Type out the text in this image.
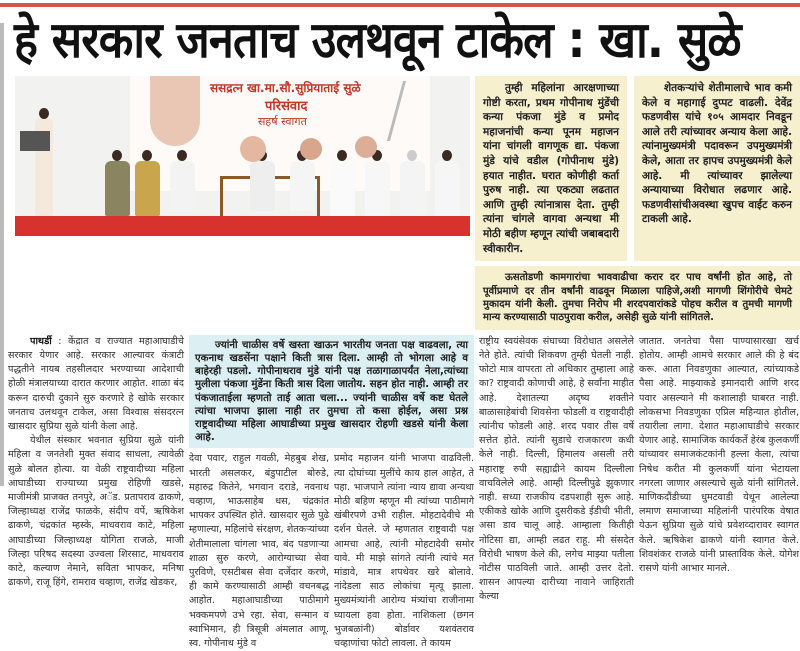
हे सरकार जनताच उलथवून टाकेल : खा. सुळे
ससद्रत्न खा.मा.सौ.सुप्रियाताई सुळे
परिसंवाद
सहर्ष स्वागत
तुम्ही महिलांना आरक्षणाच्या गोष्टी करता, प्रथम गोपीनाथ मुंडेंची कन्या पंकजा मुंडे व प्रमोद महाजनांची कन्या पूनम महाजन यांना चांगली वागणूक द्या. पंकजा मुंडे यांचे वडील (गोपीनाथ मुंडे) हयात नाहीत. घरात कोणीही कर्ता पुरुष नाही. त्या एकट्या लढतात आणि तुम्ही त्यांनात्रास देता. तुम्ही त्यांना चांगले वागवा अन्यथा मी मोठी बहीण म्हणून त्यांची जबाबदारी स्वीकारीन.
शेतकऱ्यांचे शेतीमालाचे भाव कमी केले व महागाई दुप्पट वाढली. देवेंद्र फडणवीस यांचे १०५ आमदार निवडून आले तरी त्यांच्यावर अन्याय केला आहे. त्यांनामुख्यमंत्री पदावरून उपमुख्यमंत्री केले, आता तर हापच उपमुख्यमंत्री केले आहे. मी त्यांच्यावर झालेल्या अन्यायाच्या विरोधात लढणार आहे. फडणवीसांचीअवस्था खुपच वाईट करुन टाकली आहे.
ऊसतोडणी कामगारांचा भाववाढीचा करार दर पाच वर्षांनी होत आहे, तो पूर्वीप्रमाणे दर तीन वर्षांनी वाढवून मिळाला पाहिजे,अशी मागणी शिंगोरीचे चेमटे मुकादम यांनी केली. तुमचा निरोप मी शरदपवारांकडे पोहच करील व तुमची मागणी मान्य करण्यासाठी पाठपुरावा करील, असेही सुळे यांनी सांगितले.

पाथर्डी : केंद्रात व राज्यात महाआघाडीचे सरकार येणार आहे. सरकार आल्यावर कंत्राटी पद्धतीने नायब तहसीलदार भरण्याच्या आदेशाची होळी मंत्रालयाच्या दारात करणार आहोत. शाळा बंद करून दारुची दुकाने सुरु करणारे हे खोके सरकार जनताच उलथवून टाकेल, असा विश्वास संसदरत्न खासदार सुप्रिया सुळे यांनी केला आहे.

येथील संस्कार भवनात सुप्रिया सुळे यांनी महिला व जनतेशी मुक्त संवाद साधला, त्यावेळी सुळे बोलत होत्या. या वेळी राष्ट्रवादीच्या महिला आघाडीच्या राज्याच्या प्रमुख रोहिणी खडसे, माजीमंत्री प्राजक्त तनपुरे, अॅड. प्रतापराव ढाकणे, जिल्हाध्यक्ष राजेंद्र फाळके, संदीप वर्पे, ऋषिकेश ढाकणे, चंद्रकांत म्हस्के, माधवराव काटे, महिला आघाडीच्या जिल्हाध्यक्ष योगिता राजळे, माजी जिल्हा परिषद सदस्या उज्वला शिरसाट, माधवराव काटे, कल्याण नेमाने, सविता भापकर, मनिषा ढाकणे, राजू हिंगे, रामराव चव्हाण, राजेंद्र खेडकर,

ज्यांनी चाळीस वर्षे खस्ता खाऊन भारतीय जनता पक्ष वाढवला, त्या एकनाथ खडसेंना पक्षाने किती त्रास दिला. आम्ही तो भोगला आहे व बाहेरही पडलो. गोपीनाथराव मुंडे यांनी पक्ष तळागाळापर्यंत नेला,त्यांच्या मुलीला पंकजा मुंडेंना किती त्रास दिला जातोय. सहन होत नाही. आम्ही तर पंकजाताईला म्हणतो ताई आता चला... ज्यांनी चाळीस वर्षे कष्ट घेतले त्यांचा भाजपा झाला नाही तर तुमचा तो कसा होईल, असा प्रश्न राष्ट्रवादीच्या महिला आघाडीच्या प्रमुख खासदार रोहणी खडसे यांनी केला आहे.
देवा पवार, राहुल गवळी, मेहबुब शेख, भारती असलकर, बंडुपाटील बोरुडे, महारुद्र कितेने, भगवान दराडे, नवनाथ चव्हाण, भाऊसाहेब धस, चंद्रकांत भापकर उपस्थित होते. खासदार सुळे पुढे म्हणाल्या, महिलांचे संरक्षण, शेतकऱ्यांच्या शेतीमालाला चांगला भाव, बंद पडणाऱ्या शाळा सुरु करणे, आरोग्याच्या सेवा पुरविणे, एसटीबस सेवा दर्जेदार करणे, ही कामे करण्यासाठी आम्ही वचनबद्ध आहोत. महाआघाडीच्या पाठीमागे भक्कमपणे उभे रहा. सेवा, सन्मान व स्वाभिमान, ही त्रिसूत्री अंमलात आणू. स्व. गोपीनाथ मुंडे व
प्रमोद महाजन यांनी भाजपा वाढविली. त्या दोघांच्या मुलींचे काय हाल आहेत, ते पहा. भाजपाने त्यांना न्याय द्यावा अन्यथा मोठी बहिण म्हणून मी त्यांच्या पाठीमागे खंबीरपणे उभी राहील. मोहटादेवीचे मी दर्शन घेतले. जे म्हणतात राष्ट्रवादी पक्ष आमचा आहे, त्यांनी मोहटादेवी समोर यावे. मी माझे सांगते त्यांनी त्यांचे मत मांडावे, मात्र शपथेवर खरे बोलावे. नांदेडला साठ लोकांचा मृत्यू झाला. मुख्यमंत्र्यांनी आरोग्य मंत्र्यांचा राजीनामा घ्यायला हवा होता. नाशिकला (छगन भुजबळांनी) बोर्डावर यशवंतराव चव्हाणांचा फोटो लावला. ते कायम
राष्ट्रीय स्वयंसेवक संघाच्या विरोधात असलेले नेते होते. त्यांची शिकवण तुम्ही घेतली नाही. फोटो मात्र वापरता तो अधिकार तुम्हाला आहे का? राष्ट्रवादी कोणाची आहे, हे सर्वांना माहीत आहे. देशातल्या अदृष्य शक्तीने बाळासाहेबांची शिवसेना फोडली व राष्ट्रवादीही त्यांनीच फोडली आहे. शरद पवार तीस वर्षे सत्तेत होते. त्यांनी सुडाचे राजकारण कधी केले नाही. दिल्ली, हिमालय असली तरी महाराष्ट्र रुपी सह्याद्रीने कायम दिल्लीला वाचविलेले आहे. आम्ही दिल्लीपुढे झुकणार नाही. सध्या राजकीय दडपशाही सुरू आहे. एकीकडे खोके आणि दुसरीकडे ईडीची भीती, असा डाव चालू आहे. आम्हाला कितीही नोटिसा द्या, आम्ही लढत राहू. मी संसदेत विरोधी भाषण केले की, लगेच माझ्या पतीला नोटीस पाठविली जाते. आम्ही उत्तर देतो. शासन आपल्या दारीच्या नावाने जाहिराती केल्या
जातात. जनतेचा पैसा पाण्यासारखा खर्च होतोय. आम्ही आमचे सरकार आले की हे बंद करू. आता निवडणुका आल्यात, त्यांच्याकडे पैसा आहे. माझ्याकडे इमानदारी आणि शरद पवार असल्याने मी कशालाही घाबरत नाही. लोकसभा निवडणुका एप्रिल महिन्यात होतील, तयारीला लागा. देशात महाआघाडीचे सरकार येणार आहे. सामाजिक कार्यकर्ते हेरंब कुलकर्णी यांच्यावर समाजकंटकांनी हल्ला केला, त्यांचा निषेध करीत मी कुलकर्णी यांना भेटायला नगरला जाणार असल्याचे सुळे यांनी सांगितले. माणिकदौंडीच्या धुमटवाडी येथून आलेल्या लमाण समाजाच्या महिलांनी पारंपरिक वेषात येऊन सुप्रिया सुळे यांचे प्रवेशव्दारावर स्वागत केले. ऋषिकेश ढाकणे यांनी स्वागत केले. शिवशंकर राजळे यांनी प्रास्ताविक केले. योगेश रासणे यांनी आभार मानले.
